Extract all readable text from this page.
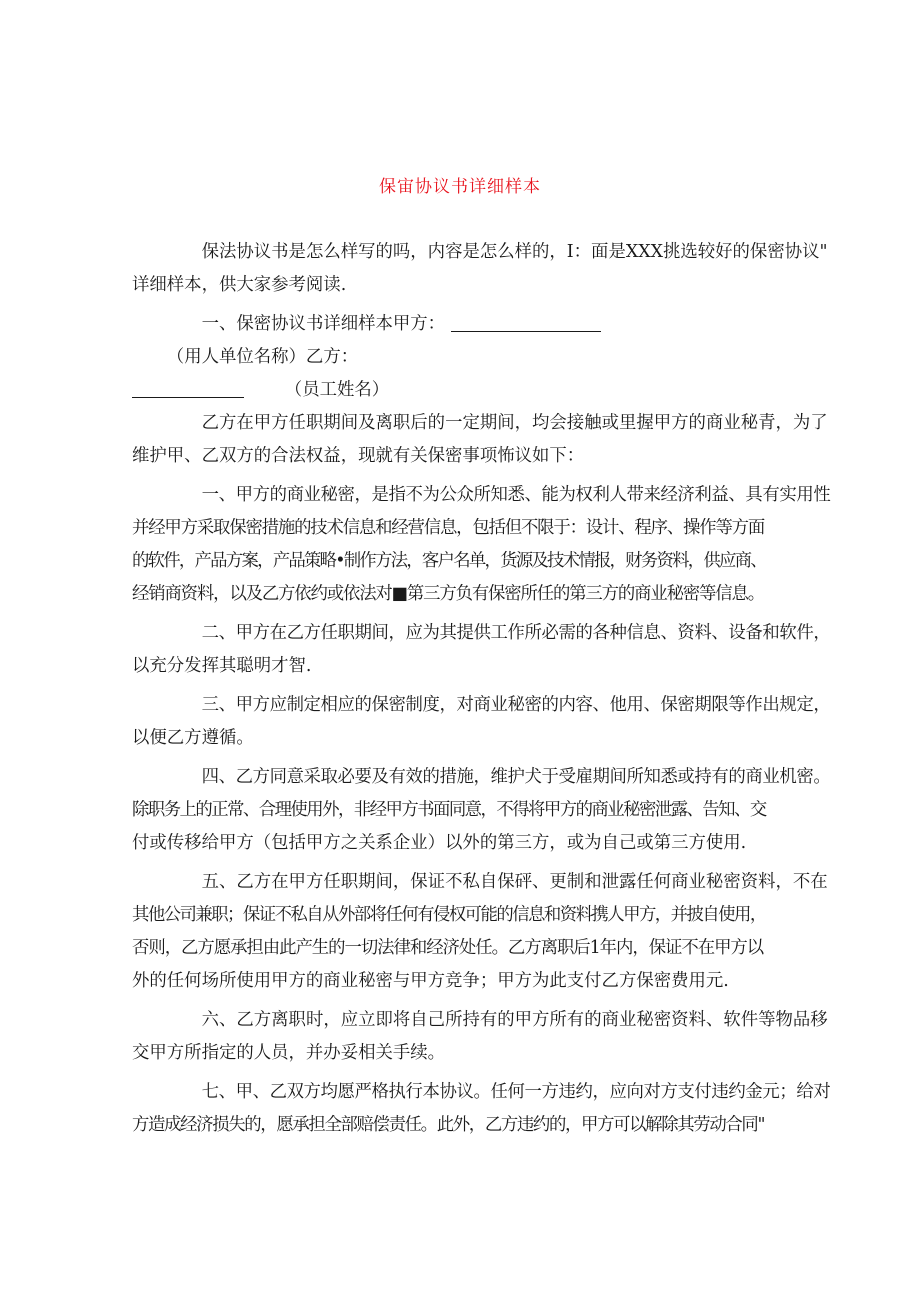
保宙协议书详细样本

保法协议书是怎么样写的吗，内容是怎么样的，I：面是XXX挑选较好的保密协议"
详细样本，供大家参考阅读.

一、保密协议书详细样本甲方：（用人单位名称）乙方：
（员工姓名）

乙方在甲方任职期间及离职后的一定期间，均会接触或里握甲方的商业秘青，为了维护甲、乙双方的合法权益，现就有关保密事项怖议如下：

一、甲方的商业秘密，是指不为公众所知悉、能为权利人带来经济利益、具有实用性并经甲方采取保密措施的技术信息和经营信息，包括但不限于：设计、程序、操作等方面的软件，产品方案，产品策略•制作方法，客户名单，货源及技术情报，财务资料，供应商、经销商资料，以及乙方依约或依法对■第三方负有保密所任的第三方的商业秘密等信息。

二、甲方在乙方任职期间，应为其提供工作所必需的各种信息、资料、设备和软件，以充分发挥其聪明才智.

三、甲方应制定相应的保密制度，对商业秘密的内容、他用、保密期限等作出规定，以便乙方遵循。

四、乙方同意采取必要及有效的措施，维护犬于受雇期间所知悉或持有的商业机密。除职务上的正常、合理使用外，非经甲方书面同意，不得将甲方的商业秘密泄露、告知、交付或传移给甲方（包括甲方之关系企业）以外的第三方，或为自己或第三方使用.

五、乙方在甲方任职期间，保证不私自保砰、更制和泄露任何商业秘密资料，不在其他公司兼职；保证不私自从外部将任何有侵权可能的信息和资料携人甲方，并披自使用，否则，乙方愿承担由此产生的一切法律和经济处任。乙方离职后1年内，保证不在甲方以外的任何场所使用甲方的商业秘密与甲方竞争；甲方为此支付乙方保密费用元.

六、乙方离职时，应立即将自己所持有的甲方所有的商业秘密资料、软件等物品移交甲方所指定的人员，并办妥相关手续。

七、甲、乙双方均愿严格执行本协议。任何一方违约，应向对方支付违约金元；给对方造成经济损失的，愿承担全部赔偿责任。此外，乙方违约的，甲方可以解除其劳动合同"
